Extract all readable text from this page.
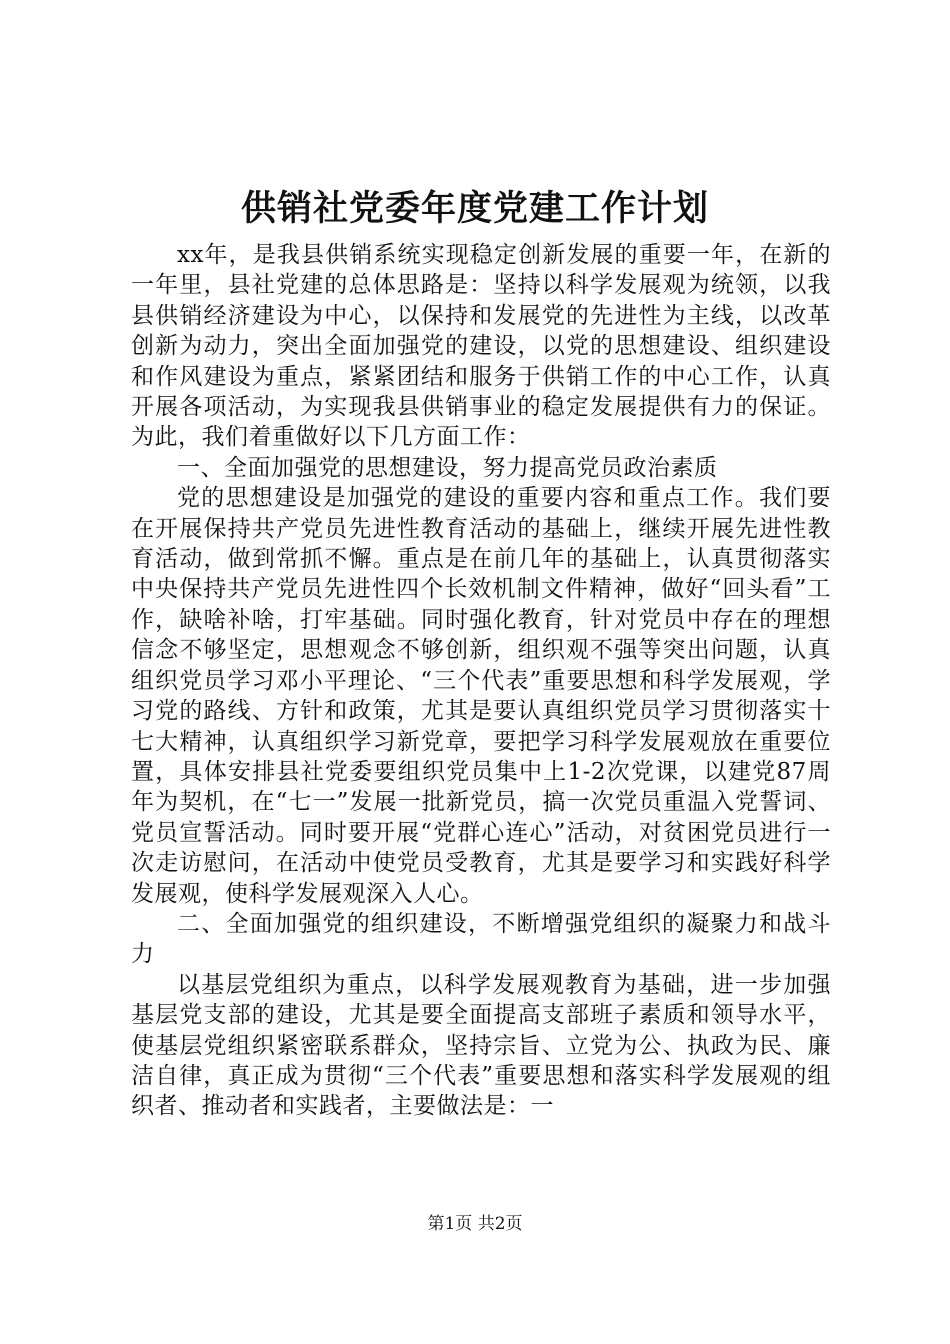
供销社党委年度党建工作计划

xx年，是我县供销系统实现稳定创新发展的重要一年，在新的一年里，县社党建的总体思路是：坚持以科学发展观为统领，以我县供销经济建设为中心，以保持和发展党的先进性为主线，以改革创新为动力，突出全面加强党的建设，以党的思想建设、组织建设和作风建设为重点，紧紧团结和服务于供销工作的中心工作，认真开展各项活动，为实现我县供销事业的稳定发展提供有力的保证。为此，我们着重做好以下几方面工作：

一、全面加强党的思想建设，努力提高党员政治素质

党的思想建设是加强党的建设的重要内容和重点工作。我们要在开展保持共产党员先进性教育活动的基础上，继续开展先进性教育活动，做到常抓不懈。重点是在前几年的基础上，认真贯彻落实中央保持共产党员先进性四个长效机制文件精神，做好“回头看”工作，缺啥补啥，打牢基础。同时强化教育，针对党员中存在的理想信念不够坚定，思想观念不够创新，组织观不强等突出问题，认真组织党员学习邓小平理论、“三个代表”重要思想和科学发展观，学习党的路线、方针和政策，尤其是要认真组织党员学习贯彻落实十七大精神，认真组织学习新党章，要把学习科学发展观放在重要位置，具体安排县社党委要组织党员集中上1-2次党课，以建党87周年为契机，在“七一”发展一批新党员，搞一次党员重温入党誓词、党员宣誓活动。同时要开展“党群心连心”活动，对贫困党员进行一次走访慰问，在活动中使党员受教育，尤其是要学习和实践好科学发展观，使科学发展观深入人心。

二、全面加强党的组织建设，不断增强党组织的凝聚力和战斗力

以基层党组织为重点，以科学发展观教育为基础，进一步加强基层党支部的建设，尤其是要全面提高支部班子素质和领导水平，使基层党组织紧密联系群众，坚持宗旨、立党为公、执政为民、廉洁自律，真正成为贯彻“三个代表”重要思想和落实科学发展观的组织者、推动者和实践者，主要做法是：一

第1页 共2页
